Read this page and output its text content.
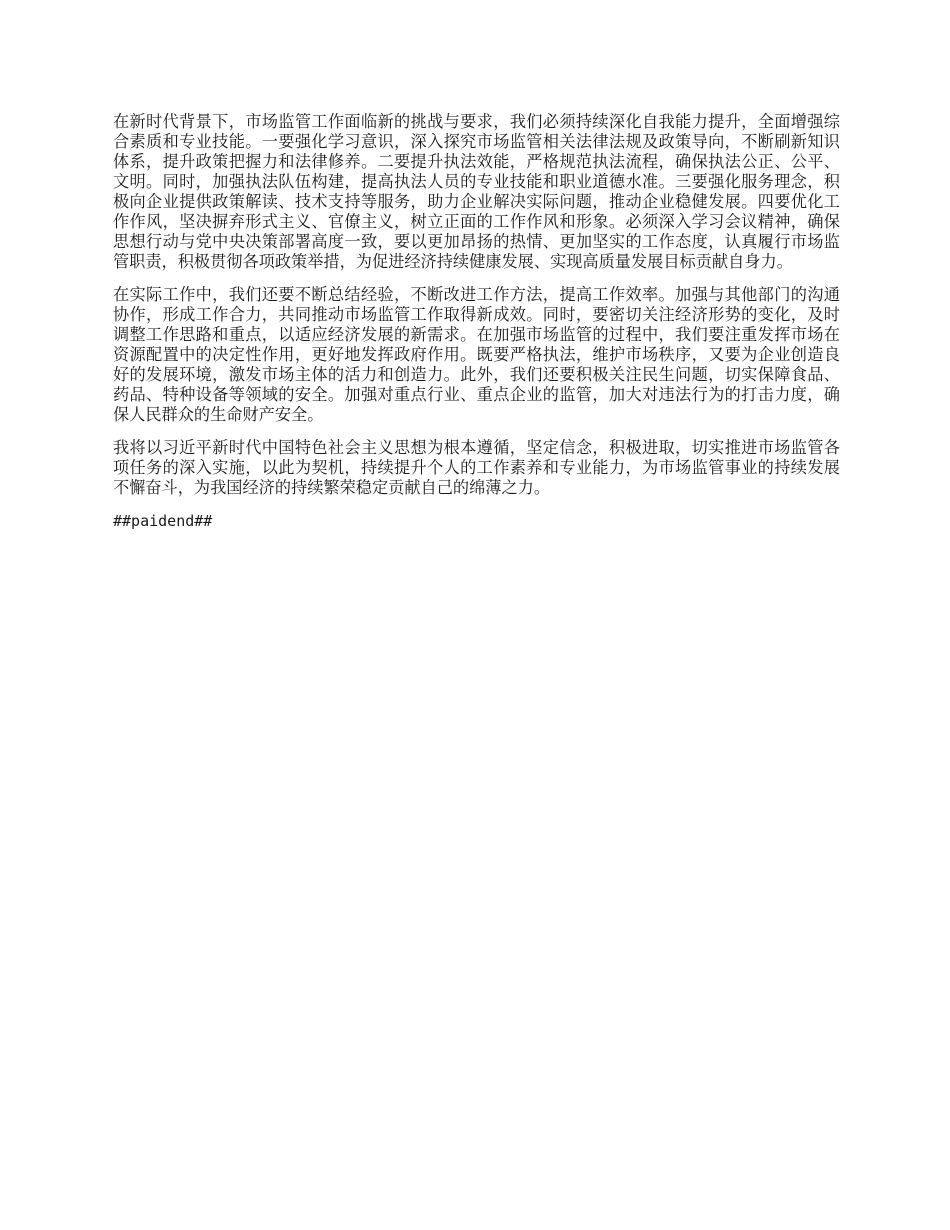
在新时代背景下，市场监管工作面临新的挑战与要求，我们必须持续深化自我能力提升，全面增强综合素质和专业技能。一要强化学习意识，深入探究市场监管相关法律法规及政策导向，不断刷新知识体系，提升政策把握力和法律修养。二要提升执法效能，严格规范执法流程，确保执法公正、公平、文明。同时，加强执法队伍构建，提高执法人员的专业技能和职业道德水准。三要强化服务理念，积极向企业提供政策解读、技术支持等服务，助力企业解决实际问题，推动企业稳健发展。四要优化工作作风，坚决摒弃形式主义、官僚主义，树立正面的工作作风和形象。必须深入学习会议精神，确保思想行动与党中央决策部署高度一致，要以更加昂扬的热情、更加坚实的工作态度，认真履行市场监管职责，积极贯彻各项政策举措，为促进经济持续健康发展、实现高质量发展目标贡献自身力。

在实际工作中，我们还要不断总结经验，不断改进工作方法，提高工作效率。加强与其他部门的沟通协作，形成工作合力，共同推动市场监管工作取得新成效。同时，要密切关注经济形势的变化，及时调整工作思路和重点，以适应经济发展的新需求。在加强市场监管的过程中，我们要注重发挥市场在资源配置中的决定性作用，更好地发挥政府作用。既要严格执法，维护市场秩序，又要为企业创造良好的发展环境，激发市场主体的活力和创造力。此外，我们还要积极关注民生问题，切实保障食品、药品、特种设备等领域的安全。加强对重点行业、重点企业的监管，加大对违法行为的打击力度，确保人民群众的生命财产安全。

我将以习近平新时代中国特色社会主义思想为根本遵循，坚定信念，积极进取，切实推进市场监管各项任务的深入实施，以此为契机，持续提升个人的工作素养和专业能力，为市场监管事业的持续发展不懈奋斗，为我国经济的持续繁荣稳定贡献自己的绵薄之力。

##paidend##
